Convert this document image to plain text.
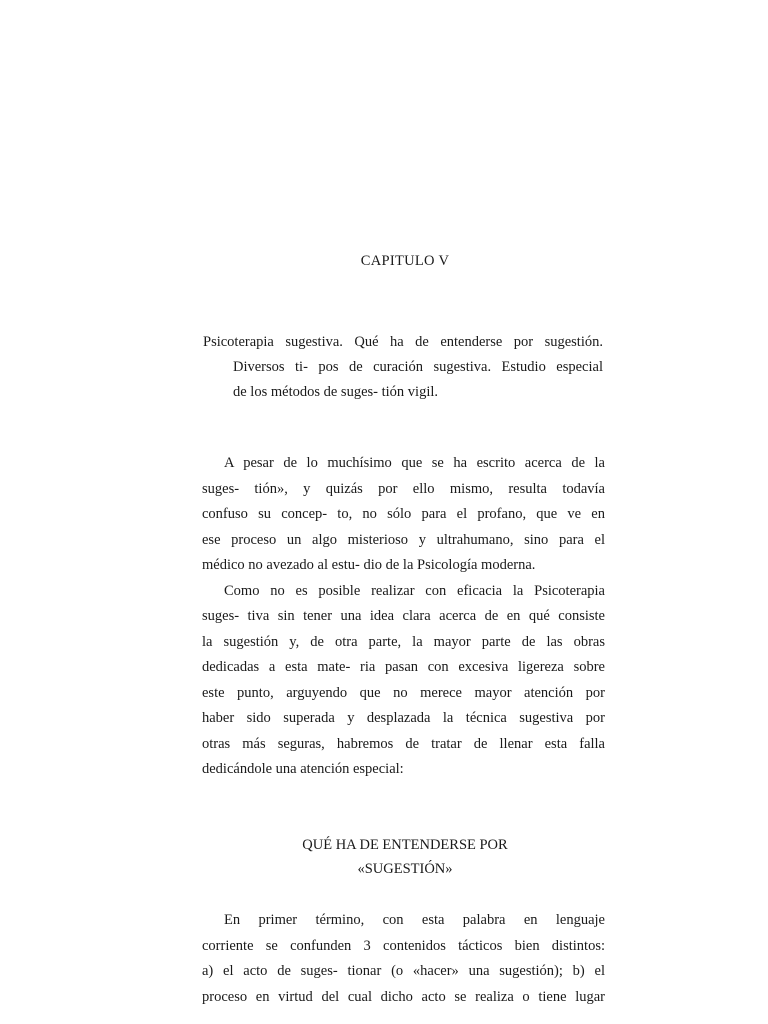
CAPITULO V

Psicoterapia sugestiva. Qué ha de entenderse por sugestión.

Diversos ti- pos de curación sugestiva. Estudio especial

de los métodos de suges- tión vigil.

A pesar de lo muchísimo que se ha escrito acerca de la
suges- tión», y quizás por ello mismo, resulta todavía
confuso su concep- to, no sólo para el profano, que ve en
ese proceso un algo misterioso y ultrahumano, sino para el
médico no avezado al estu- dio de la Psicología moderna.
Como no es posible realizar con eficacia la Psicoterapia
suges- tiva sin tener una idea clara acerca de en qué consiste
la sugestión y, de otra parte, la mayor parte de las obras
dedicadas a esta mate- ria pasan con excesiva ligereza sobre
este punto, arguyendo que no merece mayor atención por
haber sido superada y desplazada la técnica sugestiva por
otras más seguras, habremos de tratar de llenar esta falla
dedicándole una atención especial:
QUÉ HA DE ENTENDERSE POR
«SUGESTIÓN»
En primer término, con esta palabra en lenguaje
corriente se confunden 3 contenidos tácticos bien distintos:
a) el acto de suges- tionar (o «hacer» una sugestión); b) el
proceso en virtud del cual dicho acto se realiza o tiene lugar
